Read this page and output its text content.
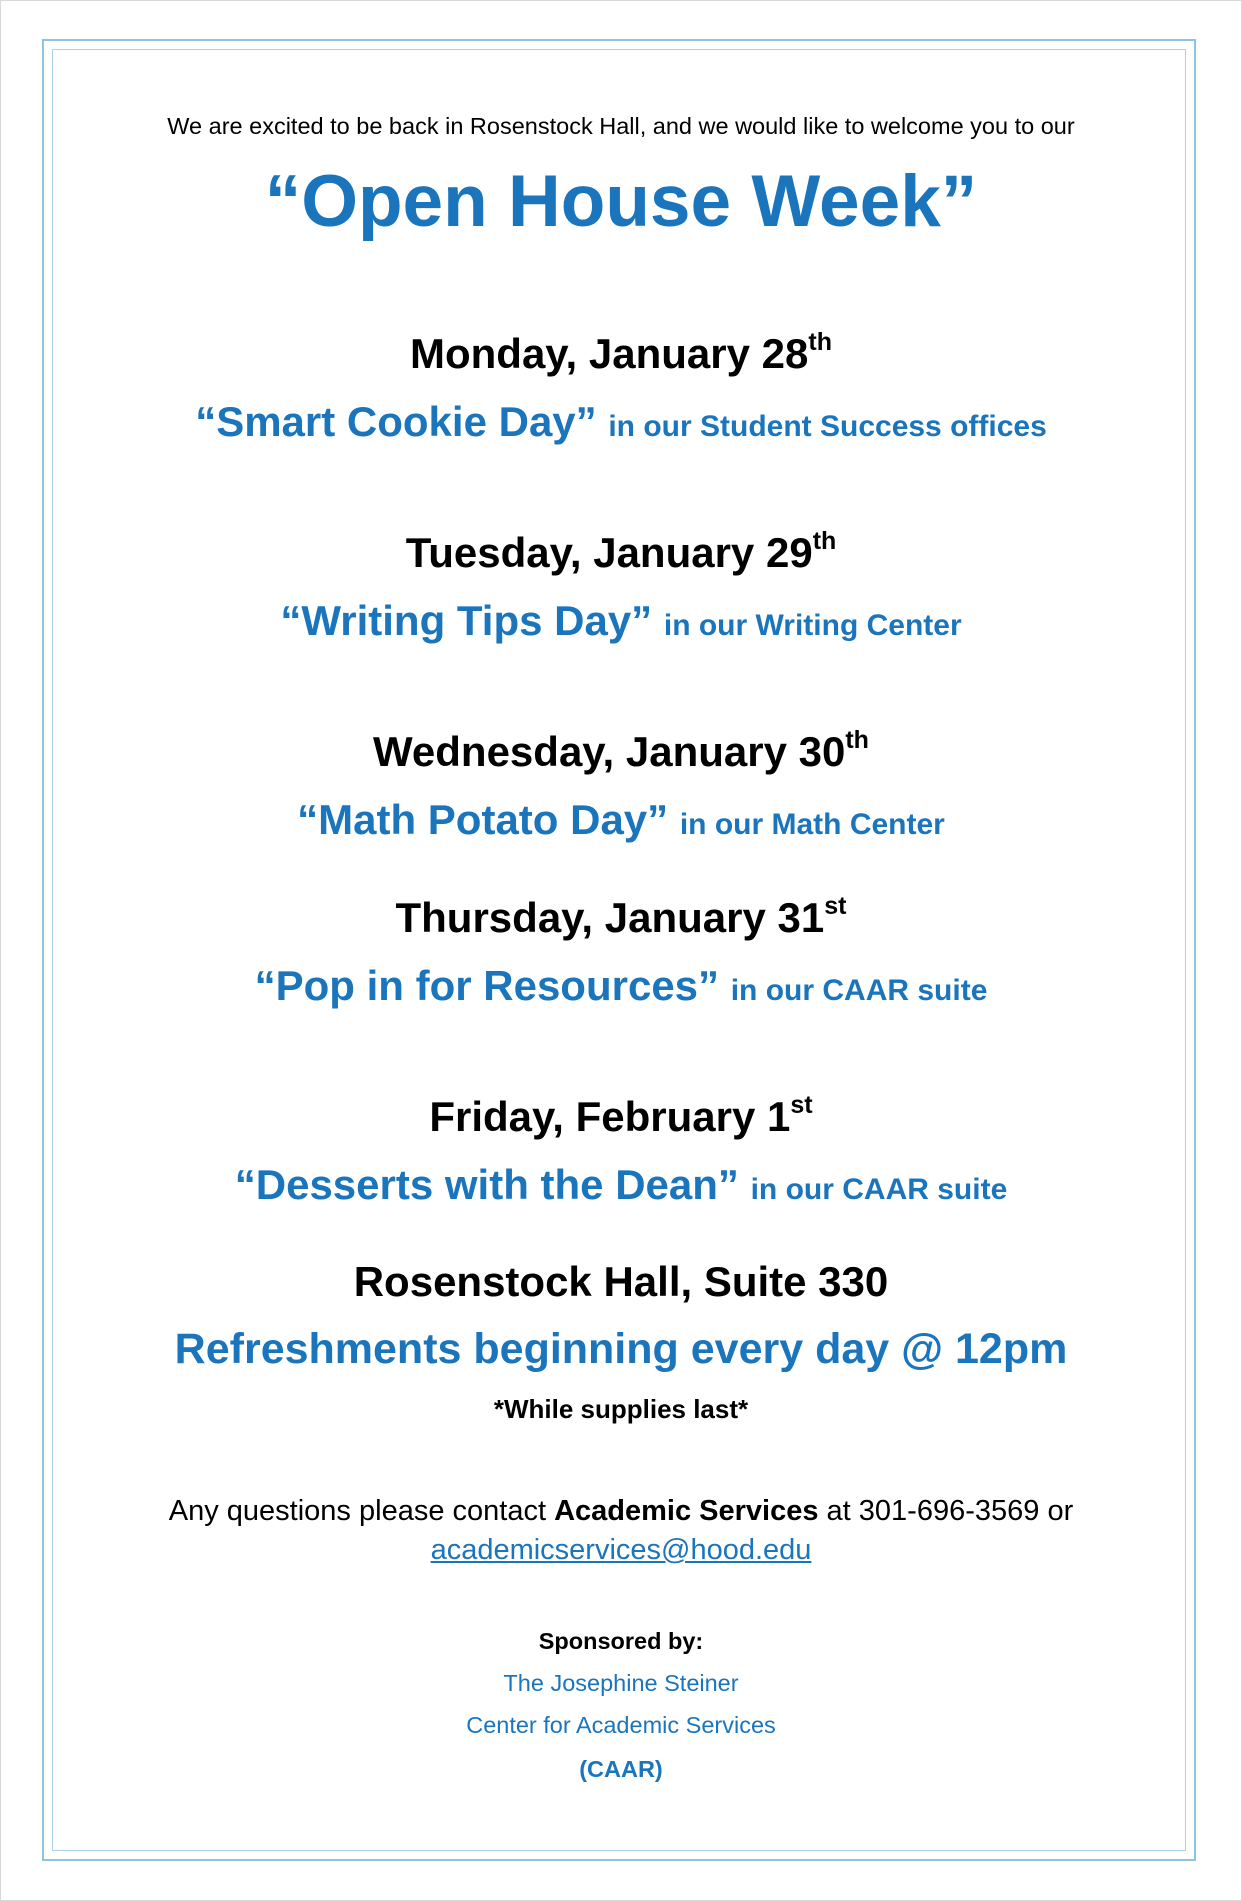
We are excited to be back in Rosenstock Hall, and we would like to welcome you to our
“Open House Week”
Monday, January 28th
“Smart Cookie Day” in our Student Success offices
Tuesday, January 29th
“Writing Tips Day” in our Writing Center
Wednesday, January 30th
“Math Potato Day” in our Math Center
Thursday, January 31st
“Pop in for Resources” in our CAAR suite
Friday, February 1st
“Desserts with the Dean” in our CAAR suite
Rosenstock Hall, Suite 330
Refreshments beginning every day @ 12pm
*While supplies last*
Any questions please contact Academic Services at 301-696-3569 or
academicservices@hood.edu
Sponsored by:
The Josephine Steiner
Center for Academic Services
(CAAR)
